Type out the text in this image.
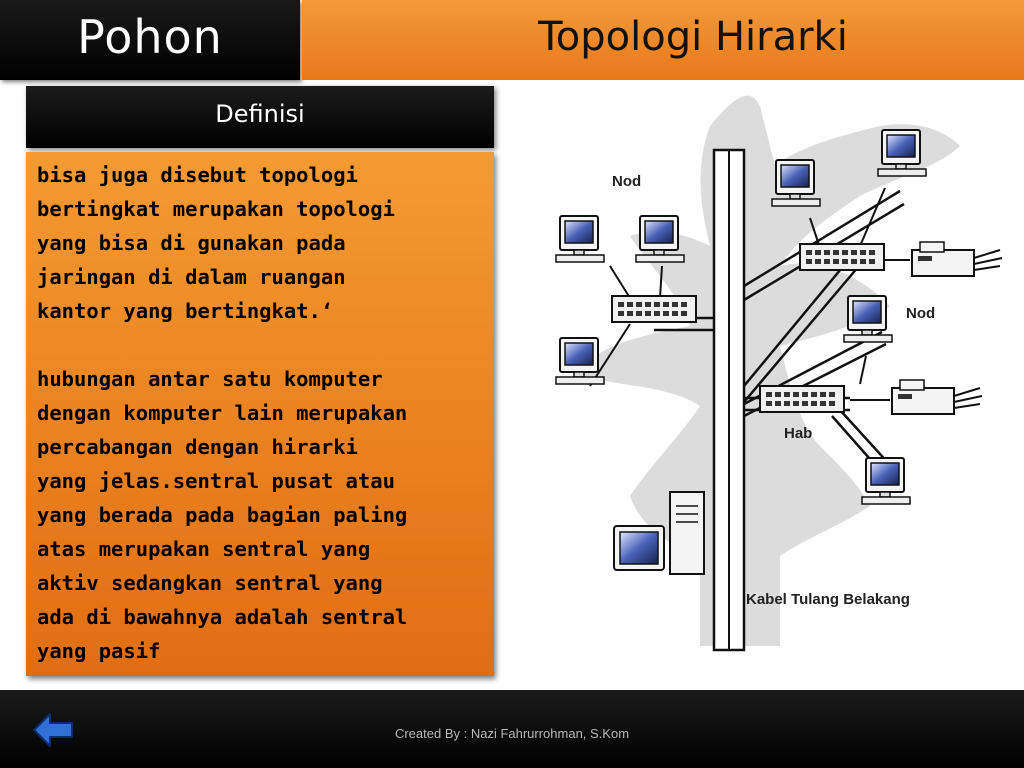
Pohon	Topologi Hirarki
Definisi

bisa juga disebut topologi
bertingkat merupakan topologi
yang bisa di gunakan pada
jaringan di dalam ruangan
kantor yang bertingkat.‘

hubungan antar satu komputer
dengan komputer lain merupakan
percabangan dengan hirarki
yang jelas.sentral pusat atau
yang berada pada bagian paling
atas merupakan sentral yang
aktiv sedangkan sentral yang
ada di bawahnya adalah sentral
yang pasif

Nod
Nod
Hab
Kabel Tulang Belakang
Created By : Nazi Fahrurrohman, S.Kom
